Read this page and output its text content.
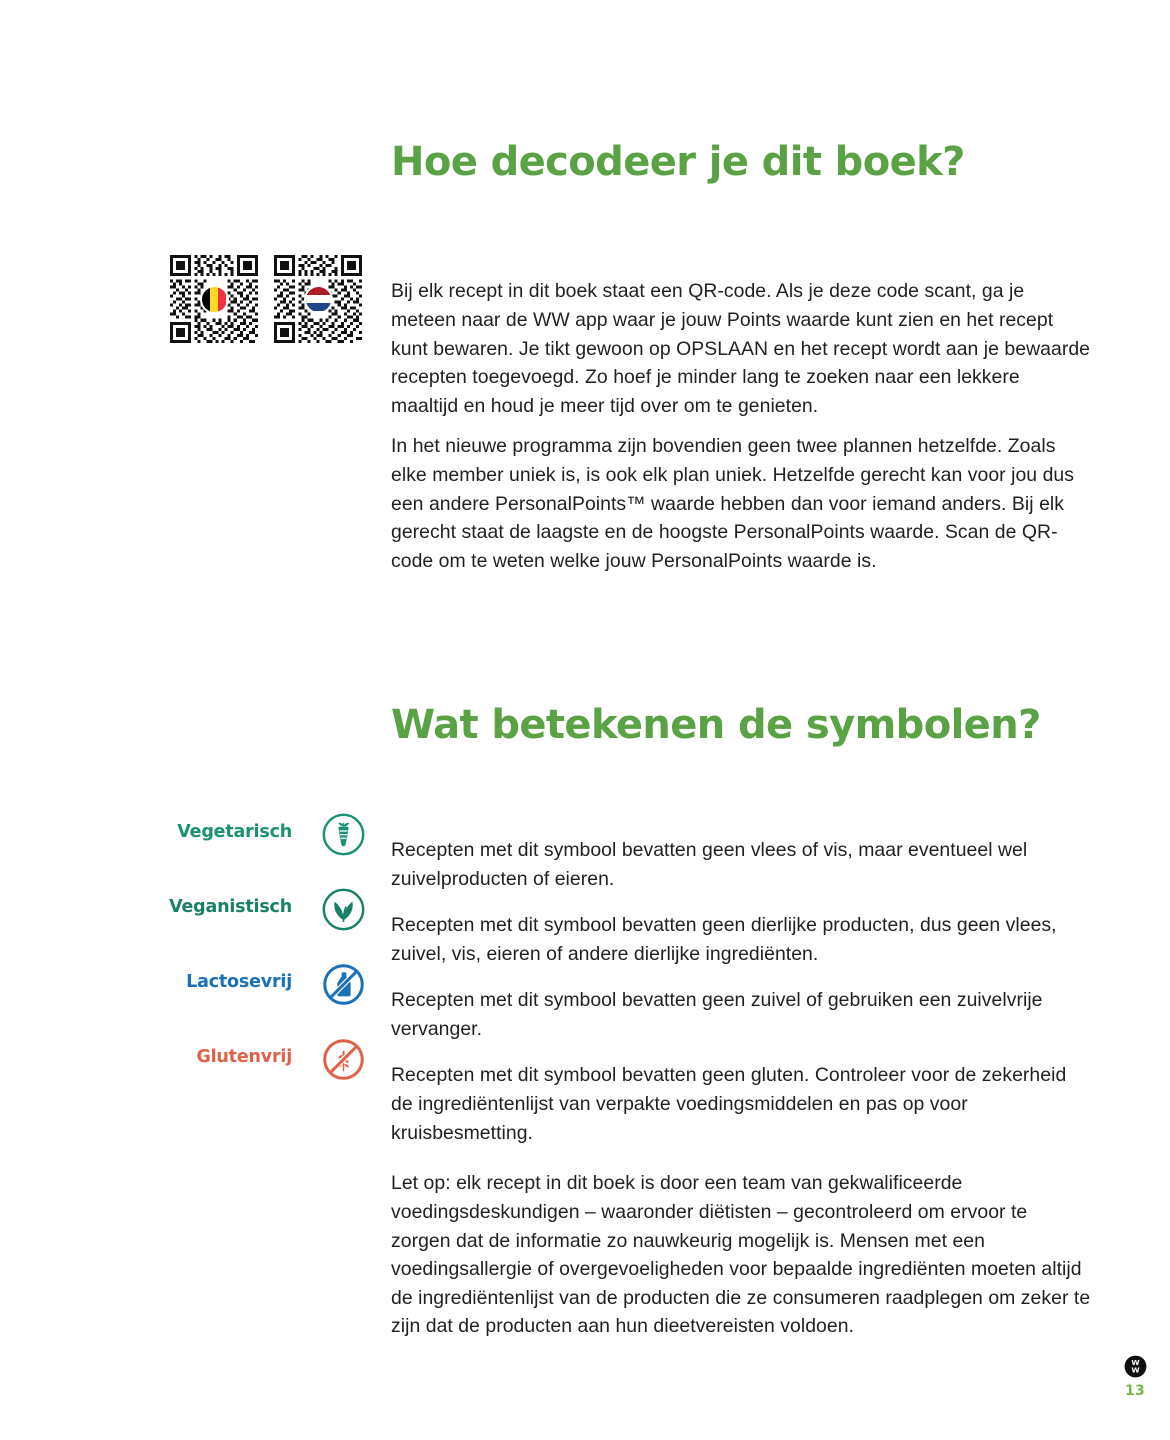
Hoe decodeer je dit boek?

Bij elk recept in dit boek staat een QR-code. Als je deze code scant, ga je meteen naar de WW app waar je jouw Points waarde kunt zien en het recept kunt bewaren. Je tikt gewoon op OPSLAAN en het recept wordt aan je bewaarde recepten toegevoegd. Zo hoef je minder lang te zoeken naar een lekkere maaltijd en houd je meer tijd over om te genieten.

In het nieuwe programma zijn bovendien geen twee plannen hetzelfde. Zoals elke member uniek is, is ook elk plan uniek. Hetzelfde gerecht kan voor jou dus een andere PersonalPoints™ waarde hebben dan voor iemand anders. Bij elk gerecht staat de laagste en de hoogste PersonalPoints waarde. Scan de QR-code om te weten welke jouw PersonalPoints waarde is.

Wat betekenen de symbolen?
Vegetarisch

Recepten met dit symbool bevatten geen vlees of vis, maar eventueel wel zuivelproducten of eieren.

Veganistisch

Recepten met dit symbool bevatten geen dierlijke producten, dus geen vlees, zuivel, vis, eieren of andere dierlijke ingrediënten.

Lactosevrij

Recepten met dit symbool bevatten geen zuivel of gebruiken een zuivelvrije vervanger.

Glutenvrij

Recepten met dit symbool bevatten geen gluten. Controleer voor de zekerheid de ingrediëntenlijst van verpakte voedingsmiddelen en pas op voor kruisbesmetting.

Let op: elk recept in dit boek is door een team van gekwalificeerde voedingsdeskundigen – waaronder diëtisten – gecontroleerd om ervoor te zorgen dat de informatie zo nauwkeurig mogelijk is. Mensen met een voedingsallergie of overgevoeligheden voor bepaalde ingrediënten moeten altijd de ingrediëntenlijst van de producten die ze consumeren raadplegen om zeker te zijn dat de producten aan hun dieetvereisten voldoen.

W
W
13
